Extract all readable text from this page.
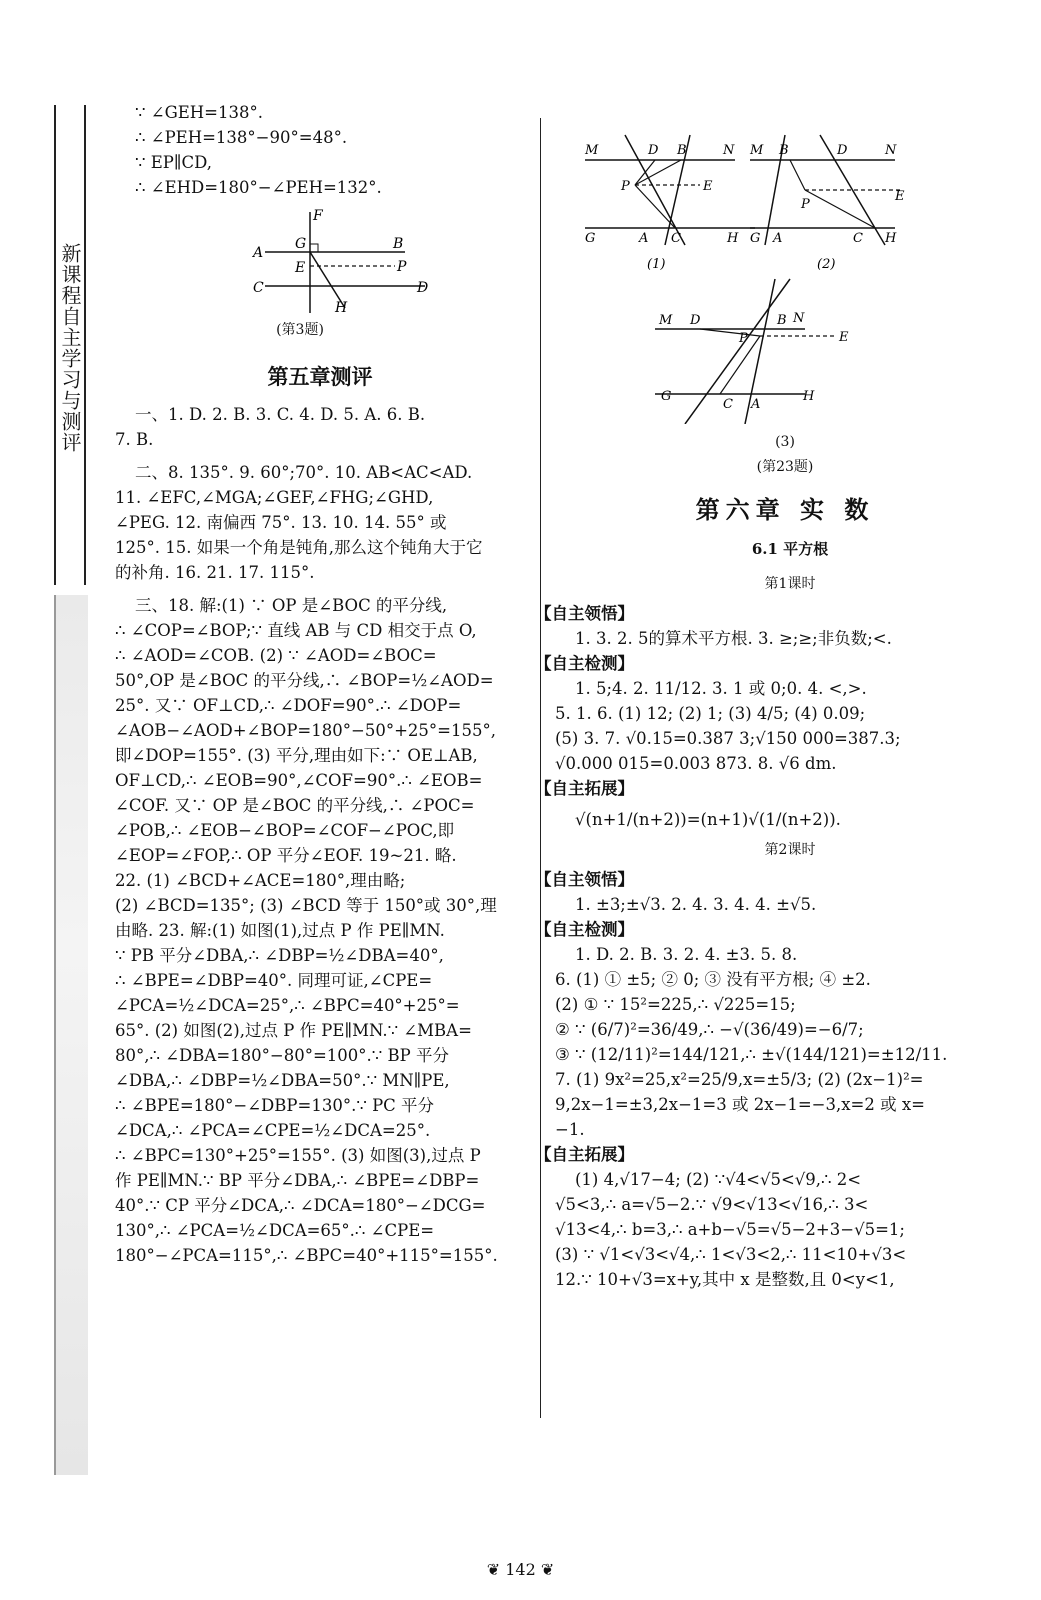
新课程自主学习与测评

∵ ∠GEH=138°.

∴ ∠PEH=138°−90°=48°.

∵ EP∥CD,

∴ ∠EHD=180°−∠PEH=132°.

A
B
F
G
E	P
C	D
H

(第3题)

第五章测评

一、1. D. 2. B. 3. C. 4. D. 5. A. 6. B.

7. B.

二、8. 135°. 9. 60°;70°. 10. AB<AC<AD.

11. ∠EFC,∠MGA;∠GEF,∠FHG;∠GHD,

∠PEG. 12. 南偏西 75°. 13. 10. 14. 55° 或

125°. 15. 如果一个角是钝角,那么这个钝角大于它

的补角. 16. 21. 17. 115°.

三、18. 解:(1) ∵ OP 是∠BOC 的平分线,

∴ ∠COP=∠BOP;∵ 直线 AB 与 CD 相交于点 O,

∴ ∠AOD=∠COB. (2) ∵ ∠AOD=∠BOC=

50°,OP 是∠BOC 的平分线,∴ ∠BOP=½∠AOD=

25°. 又∵ OF⊥CD,∴ ∠DOF=90°.∴ ∠DOP=

∠AOB−∠AOD+∠BOP=180°−50°+25°=155°,

即∠DOP=155°. (3) 平分,理由如下:∵ OE⊥AB,

OF⊥CD,∴ ∠EOB=90°,∠COF=90°.∴ ∠EOB=

∠COF. 又∵ OP 是∠BOC 的平分线,∴ ∠POC=

∠POB,∴ ∠EOB−∠BOP=∠COF−∠POC,即

∠EOP=∠FOP,∴ OP 平分∠EOF. 19~21. 略.

22. (1) ∠BCD+∠ACE=180°,理由略;

(2) ∠BCD=135°; (3) ∠BCD 等于 150°或 30°,理

由略. 23. 解:(1) 如图(1),过点 P 作 PE∥MN.

∵ PB 平分∠DBA,∴ ∠DBP=½∠DBA=40°,

∴ ∠BPE=∠DBP=40°. 同理可证,∠CPE=

∠PCA=½∠DCA=25°,∴ ∠BPC=40°+25°=

65°. (2) 如图(2),过点 P 作 PE∥MN.∵ ∠MBA=

80°,∴ ∠DBA=180°−80°=100°.∵ BP 平分

∠DBA,∴ ∠DBP=½∠DBA=50°.∵ MN∥PE,

∴ ∠BPE=180°−∠DBP=130°.∵ PC 平分

∠DCA,∴ ∠PCA=∠CPE=½∠DCA=25°.

∴ ∠BPC=130°+25°=155°. (3) 如图(3),过点 P

作 PE∥MN.∵ BP 平分∠DBA,∴ ∠BPE=∠DBP=

40°.∵ CP 平分∠DCA,∴ ∠DCA=180°−∠DCG=

130°,∴ ∠PCA=½∠DCA=65°.∴ ∠CPE=

180°−∠PCA=115°,∴ ∠BPC=40°+115°=155°.

M	D B	N
P	E
G	A C	H
(1)
M B	D	N
P
E
G A	C H
(2)
M D	B N
P	E
G
C A
H

(3)

(第23题)

第六章 实 数

6.1 平方根

第1课时

【自主领悟】

1. 3. 2. 5的算术平方根. 3. ≥;≥;非负数;<.

【自主检测】

1. 5;4. 2. 11/12. 3. 1 或 0;0. 4. <,>.

5. 1. 6. (1) 12; (2) 1; (3) 4/5; (4) 0.09;

(5) 3. 7. √0.15=0.387 3;√150 000=387.3;

√0.000 015=0.003 873. 8. √6 dm.

【自主拓展】

√(n+1/(n+2))=(n+1)√(1/(n+2)).

第2课时

【自主领悟】

1. ±3;±√3. 2. 4. 3. 4. 4. ±√5.

【自主检测】

1. D. 2. B. 3. 2. 4. ±3. 5. 8.

6. (1) ① ±5; ② 0; ③ 没有平方根; ④ ±2.

(2) ① ∵ 15²=225,∴ √225=15;

② ∵ (6/7)²=36/49,∴ −√(36/49)=−6/7;

③ ∵ (12/11)²=144/121,∴ ±√(144/121)=±12/11.

7. (1) 9x²=25,x²=25/9,x=±5/3; (2) (2x−1)²=

9,2x−1=±3,2x−1=3 或 2x−1=−3,x=2 或 x=

−1.

【自主拓展】

(1) 4,√17−4; (2) ∵√4<√5<√9,∴ 2<

√5<3,∴ a=√5−2.∵ √9<√13<√16,∴ 3<

√13<4,∴ b=3,∴ a+b−√5=√5−2+3−√5=1;

(3) ∵ √1<√3<√4,∴ 1<√3<2,∴ 11<10+√3<

12.∵ 10+√3=x+y,其中 x 是整数,且 0<y<1,

❦ 142 ❦
